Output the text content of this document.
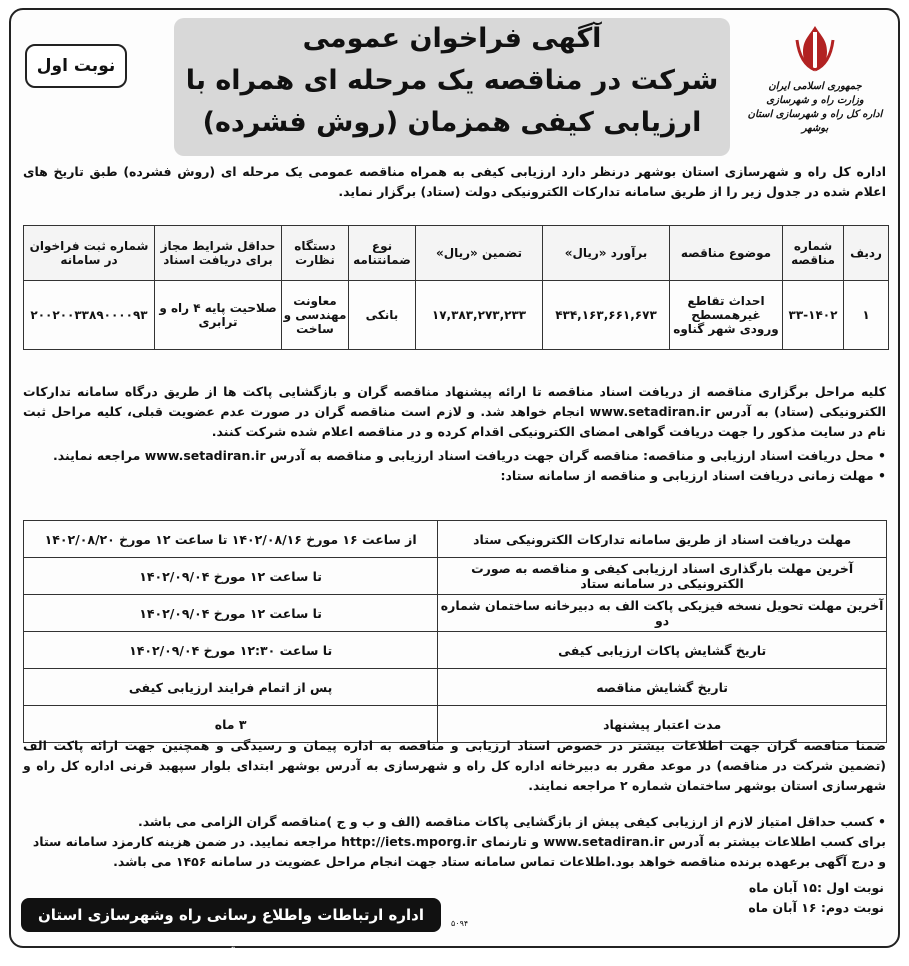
جمهوری اسلامی ایران
وزارت راه و شهرسازی
اداره کل راه و شهرسازی استان بوشهر
آگهی فراخوان عمومی
شرکت در مناقصه یک مرحله ای همراه با
ارزیابی کیفی همزمان (روش فشرده)
نوبت اول
اداره کل راه و شهرسازی استان بوشهر درنظر دارد ارزیابی کیفی به همراه مناقصه عمومی یک مرحله ای (روش فشرده) طبق تاریخ های اعلام شده در جدول زیر را از طریق سامانه تدارکات الکترونیکی دولت (ستاد) برگزار نماید.
ردیف	شماره مناقصه	موضوع مناقصه	برآورد «ریال»	تضمین «ریال»	نوع ضمانتنامه	دستگاه نظارت	حداقل شرایط مجاز برای دریافت اسناد	شماره ثبت فراخوان در سامانه
۱	۳۳-۱۴۰۲	احداث تقاطع غیرهمسطح ورودی شهر گناوه	۴۳۴,۱۶۳,۶۶۱,۶۷۳	۱۷,۳۸۳,۲۷۳,۲۳۳	بانکی	معاونت مهندسی و ساخت	صلاحیت پایه ۴ راه و ترابری	۲۰۰۲۰۰۳۳۸۹۰۰۰۰۹۳
کلیه مراحل برگزاری مناقصه از دریافت اسناد مناقصه تا ارائه پیشنهاد مناقصه گران و بازگشایی پاکت ها از طریق درگاه سامانه تدارکات الکترونیکی (ستاد) به آدرس www.setadiran.ir انجام خواهد شد. و لازم است مناقصه گران در صورت عدم عضویت قبلی، کلیه مراحل ثبت نام در سایت مذکور را جهت دریافت گواهی امضای الکترونیکی اقدام کرده و در مناقصه اعلام شده شرکت کنند.
• محل دریافت اسناد ارزیابی و مناقصه: مناقصه گران جهت دریافت اسناد ارزیابی و مناقصه به آدرس www.setadiran.ir مراجعه نمایند.
• مهلت زمانی دریافت اسناد ارزیابی و مناقصه از سامانه ستاد:
مهلت دریافت اسناد از طریق سامانه تدارکات الکترونیکی ستاد	از ساعت ۱۶ مورخ ۱۴۰۲/۰۸/۱۶ تا ساعت ۱۲ مورخ ۱۴۰۲/۰۸/۲۰
آخرین مهلت بارگذاری اسناد ارزیابی کیفی و مناقصه به صورت الکترونیکی در سامانه ستاد	تا ساعت ۱۲ مورخ ۱۴۰۲/۰۹/۰۴
آخرین مهلت تحویل نسخه فیزیکی پاکت الف به دبیرخانه ساختمان شماره دو	تا ساعت ۱۲ مورخ ۱۴۰۲/۰۹/۰۴
تاریخ گشایش پاکات ارزیابی کیفی	تا ساعت ۱۲:۳۰ مورخ ۱۴۰۲/۰۹/۰۴
تاریخ گشایش مناقصه	پس از اتمام فرایند ارزیابی کیفی
مدت اعتبار پیشنهاد	۳ ماه
ضمنا مناقصه گران جهت اطلاعات بیشتر در خصوص اسناد ارزیابی و مناقصه به اداره پیمان و رسیدگی و همچنین جهت ارائه پاکت الف (تضمین شرکت در مناقصه) در موعد مقرر به دبیرخانه اداره کل راه و شهرسازی به آدرس بوشهر ابتدای بلوار سپهبد قرنی اداره کل راه و شهرسازی استان بوشهر ساختمان شماره ۲ مراجعه نمایند.
• کسب حداقل امتیاز لازم از ارزیابی کیفی پیش از بازگشایی پاکات مناقصه (الف و ب و ج )مناقصه گران الزامی می باشد.
برای کسب اطلاعات بیشتر به آدرس www.setadiran.ir و تارنمای http://iets.mporg.ir مراجعه نمایید. در ضمن هزینه کارمزد سامانه ستاد و درج آگهی برعهده برنده مناقصه خواهد بود.اطلاعات تماس سامانه ستاد جهت انجام مراحل عضویت در سامانه ۱۴۵۶ می باشد.
نوبت اول :۱۵ آبان ماه
نوبت دوم: ۱۶ آبان ماه
۵۰۹۴
اداره ارتباطات واطلاع رسانی راه وشهرسازی استان بوشهر
